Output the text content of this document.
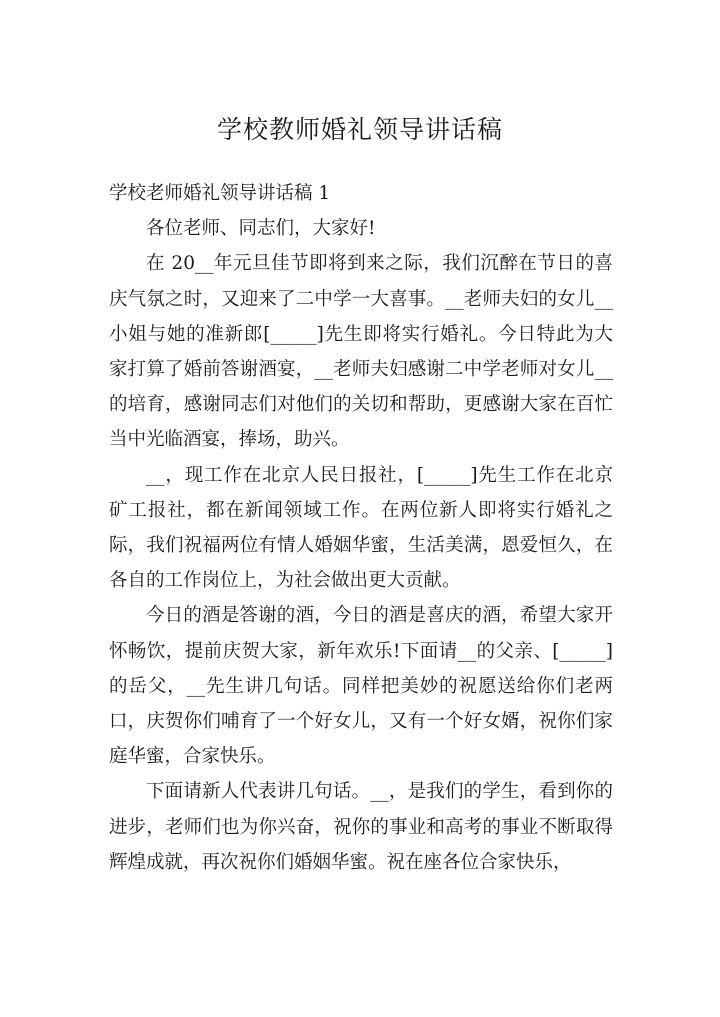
学校教师婚礼领导讲话稿

学校老师婚礼领导讲话稿 1

各位老师、同志们，大家好!

在 20__年元旦佳节即将到来之际，我们沉醉在节日的喜庆气氛之时，又迎来了二中学一大喜事。__老师夫妇的女儿__小姐与她的准新郎[_____]先生即将实行婚礼。今日特此为大家打算了婚前答谢酒宴，__老师夫妇感谢二中学老师对女儿__的培育，感谢同志们对他们的关切和帮助，更感谢大家在百忙当中光临酒宴，捧场，助兴。

__，现工作在北京人民日报社，[_____]先生工作在北京矿工报社，都在新闻领域工作。在两位新人即将实行婚礼之际，我们祝福两位有情人婚姻华蜜，生活美满，恩爱恒久，在各自的工作岗位上，为社会做出更大贡献。

今日的酒是答谢的酒，今日的酒是喜庆的酒，希望大家开怀畅饮，提前庆贺大家，新年欢乐!下面请__的父亲、[_____]的岳父，__先生讲几句话。同样把美妙的祝愿送给你们老两口，庆贺你们哺育了一个好女儿，又有一个好女婿，祝你们家庭华蜜，合家快乐。

下面请新人代表讲几句话。__，是我们的学生，看到你的进步，老师们也为你兴奋，祝你的事业和高考的事业不断取得辉煌成就，再次祝你们婚姻华蜜。祝在座各位合家快乐，
